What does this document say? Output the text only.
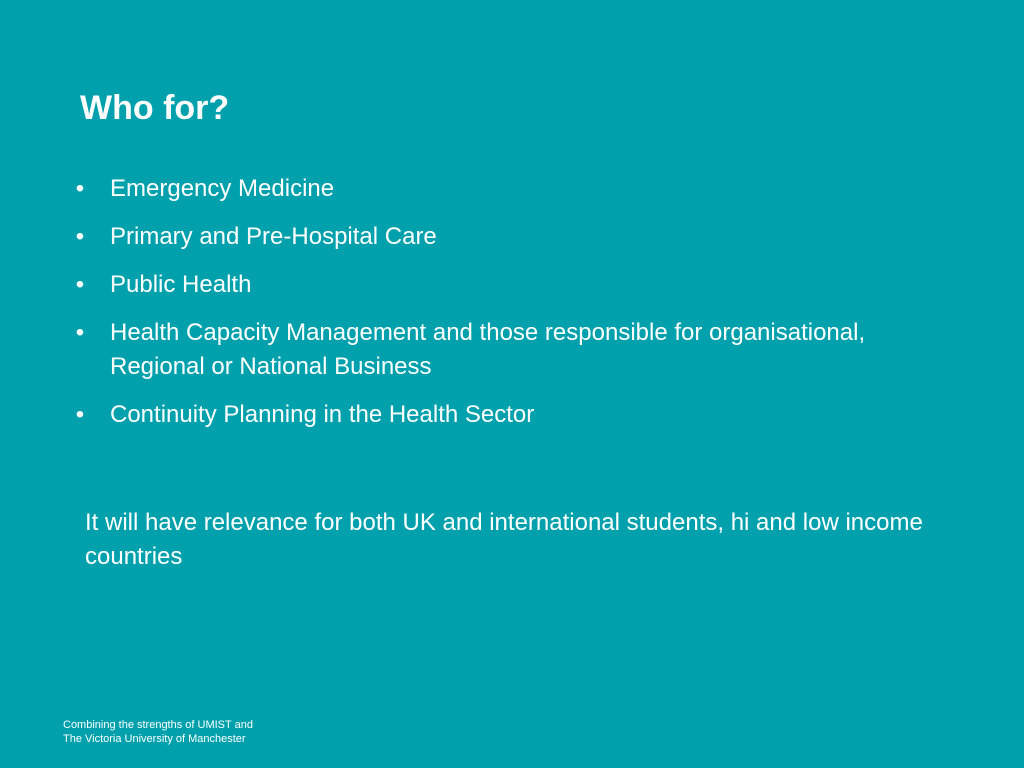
Who for?
• Emergency Medicine
• Primary and Pre-Hospital Care
• Public Health
• Health Capacity Management and those responsible for organisational, Regional or National Business
• Continuity Planning in the Health Sector

It will have relevance for both UK and international students, hi and low income countries

Combining the strengths of UMIST and
The Victoria University of Manchester
